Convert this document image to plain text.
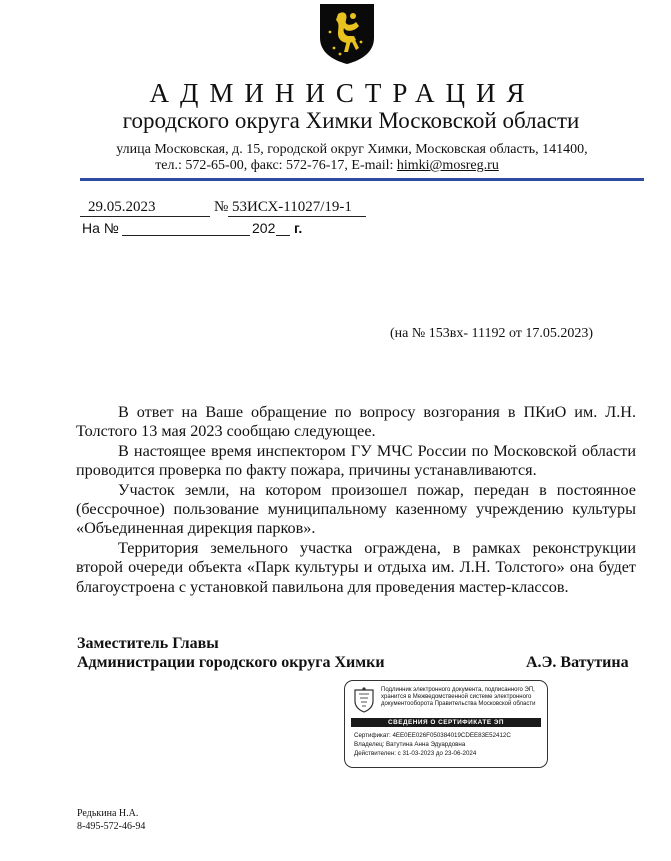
АДМИНИСТРАЦИЯ
городского округа Химки Московской области
улица Московская, д. 15, городской округ Химки, Московская область, 141400,
тел.: 572-65-00, факс: 572-76-17, E-mail: himki@mosreg.ru
29.05.2023	№ 53ИСХ-11027/19-1
На №	202 г.
(на № 153вх- 11192 от 17.05.2023)

В ответ на Ваше обращение по вопросу возгорания в ПКиО им. Л.Н. Толстого 13 мая 2023 сообщаю следующее.

В настоящее время инспектором ГУ МЧС России по Московской области проводится проверка по факту пожара, причины устанавливаются.

Участок земли, на котором произошел пожар, передан в постоянное (бессрочное) пользование муниципальному казенному учреждению культуры «Объединенная дирекция парков».

Территория земельного участка ограждена, в рамках реконструкции второй очереди объекта «Парк культуры и отдыха им. Л.Н. Толстого» она будет благоустроена с установкой павильона для проведения мастер-классов.

Заместитель Главы
Администрации городского округа Химки	А.Э. Ватутина
Подлинник электронного документа, подписанного ЭП, хранится в Межведомственной системе электронного документооборота Правительства Московской области
СВЕДЕНИЯ О СЕРТИФИКАТЕ ЭП
Сертификат: 4EE0EE026F050384019CDEE83E52412C
Владелец: Ватутина Анна Эдуардовна
Действителен: с 31-03-2023 до 23-06-2024
Редькина Н.А.
8-495-572-46-94
